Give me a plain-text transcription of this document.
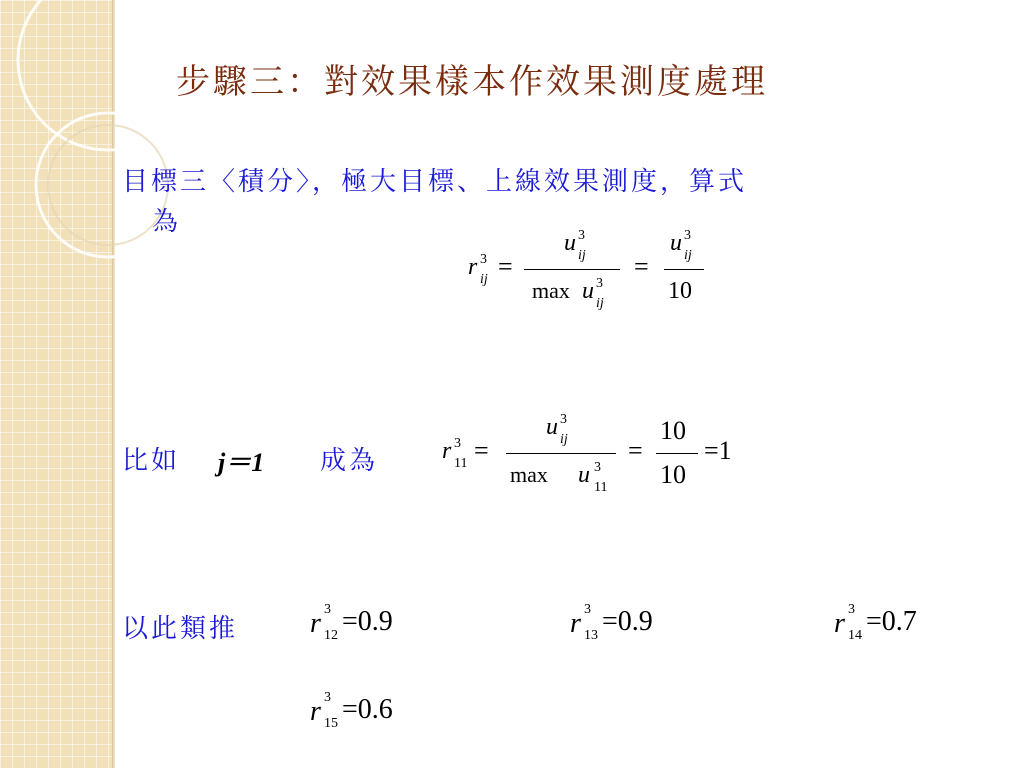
步驟三：對效果樣本作效果測度處理
目標三〈積分〉，極大目標、上線效果測度，算式
為
r 3
ij =
u 3
ij
max u 3
ij
=
u 3
ij
10
比如 j＝1 成為	r 3
11 =
u 3
ij
max u 3
11
=
10
10
=1
以此類推	r 3
12 =0.9	r 3
13 =0.9	r 3
14 =0.7
r 3
15 =0.6
